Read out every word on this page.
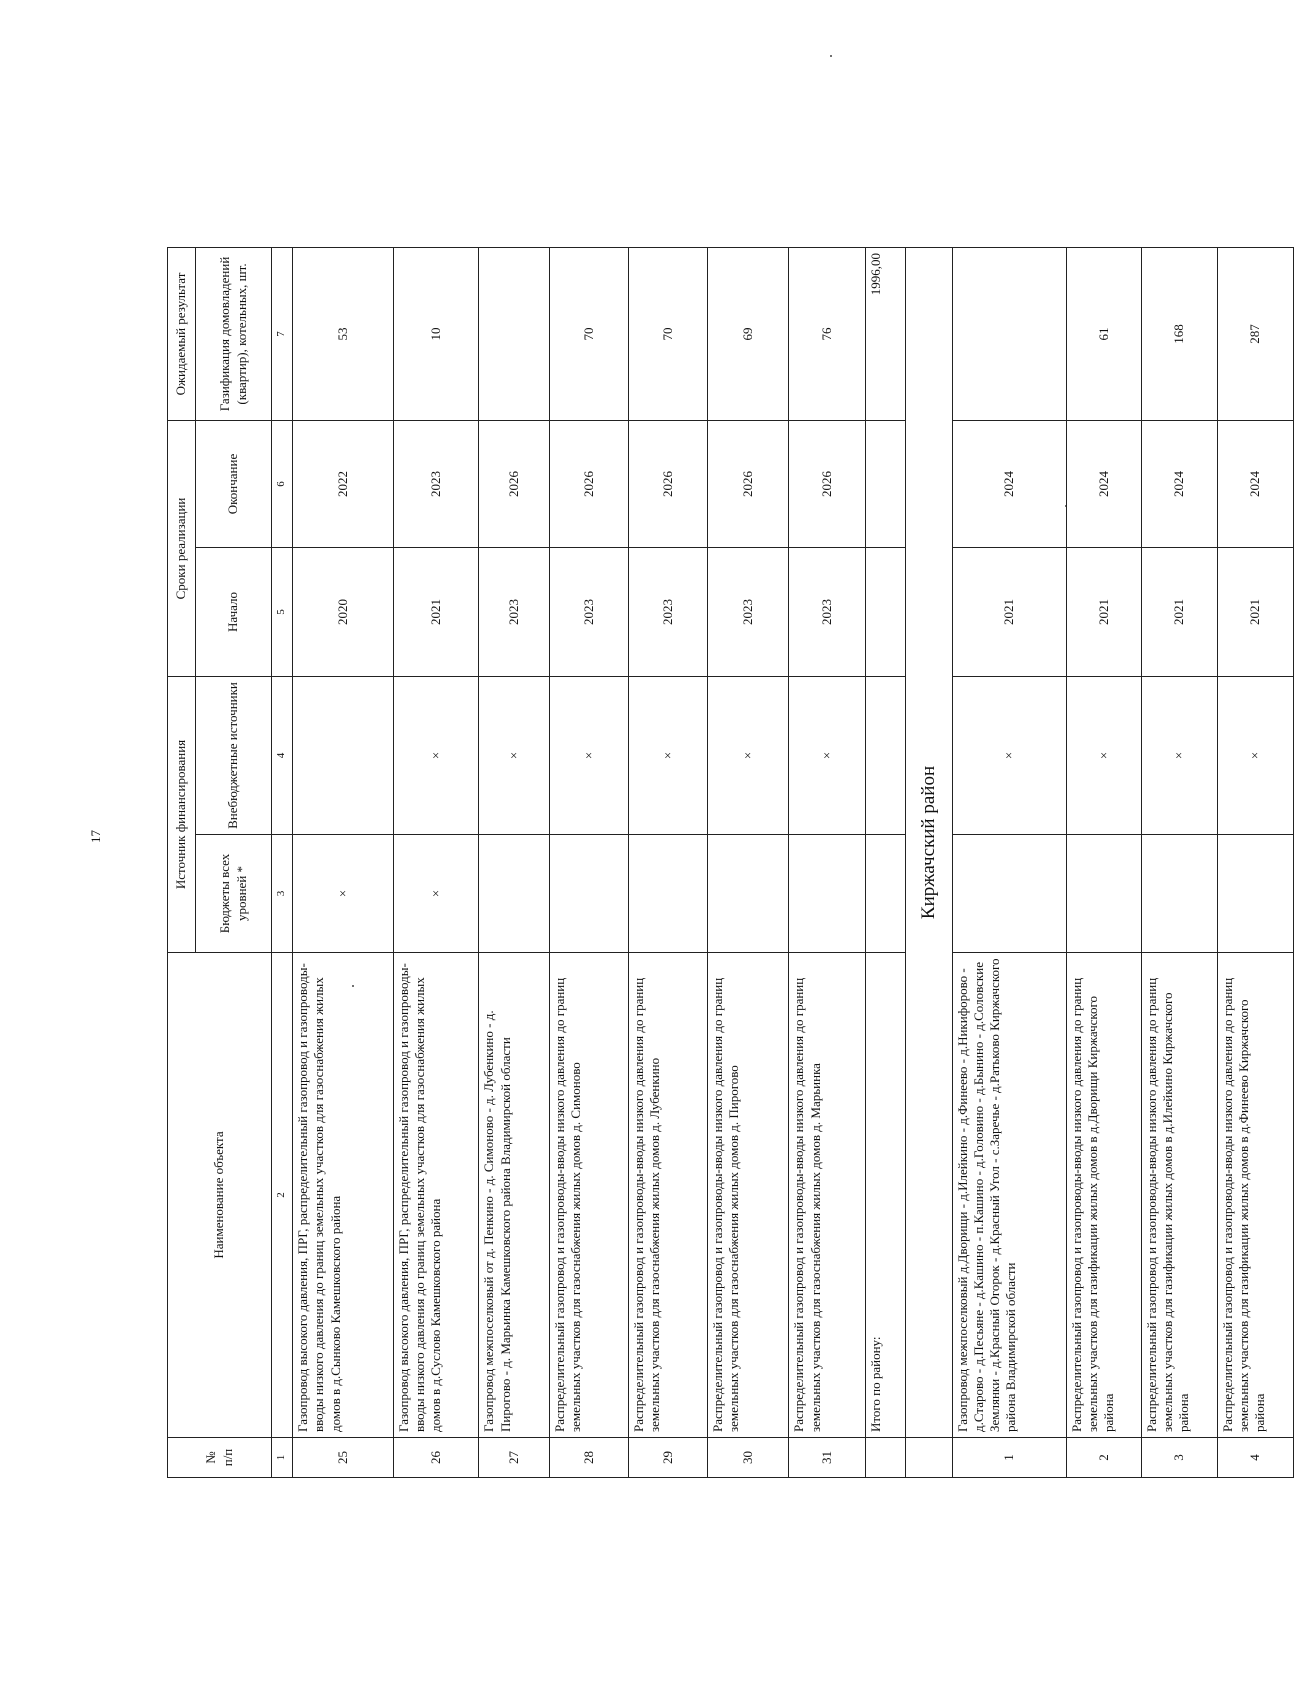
17
№
п/п	Наименование объекта	Источник финансирования		Сроки реализации		Ожидаемый результат
		Бюджеты всех уровней *	Внебюджетные источники	Начало	Окончание	Газификация домовладений (квартир), котельных, шт.
1	2	3	4	5	6	7
25	Газопровод высокого давления, ПРГ, распределительный газопровод и газопроводы-вводы низкого давления до границ земельных участков для газоснабжения жилых домов в д.Сынково Камешковского района	×		2020	2022	53
26	Газопровод высокого давления, ПРГ, распределительный газопровод и газопроводы-вводы низкого давления до границ земельных участков для газоснабжения жилых домов в д.Суслово Камешковского района	×	×	2021	2023	10
27	Газопровод межпоселковый от д. Пенкино - д. Симоново - д. Лубенкино - д. Пирогово - д. Марьинка Камешковского района Владимирской области		×	2023	2026	
28	Распределительный газопровод и газопроводы-вводы низкого давления до границ земельных участков для газоснабжения жилых домов д. Симоново		×	2023	2026	70
29	Распределительный газопровод и газопроводы-вводы низкого давления до границ земельных участков для газоснабжения жилых домов д. Лубенкино		×	2023	2026	70
30	Распределительный газопровод и газопроводы-вводы низкого давления до границ земельных участков для газоснабжения жилых домов д. Пирогово		×	2023	2026	69
31	Распределительный газопровод и газопроводы-вводы низкого давления до границ земельных участков для газоснабжения жилых домов д. Марьинка		×	2023	2026	76
	Итого по району:					1996,00
	Киржачский район					
1	Газопровод межпоселковый д.Дворищи - д.Илейкино - д.Финеево - д.Никифорово - д.Старово - д.Песьяне - д.Кашино - п.Кашино - д.Головино - д.Бынино - д.Соловские Землянки - д.Красный Огорок - д.Красный Угол - с.Заречье - д.Ратьково Киржачского района Владимирской области		×	2021	2024	
2	Распределительный газопровод и газопроводы-вводы низкого давления до границ земельных участков для газификации жилых домов в д.Дворищи Киржачского района		×	2021	2024	61
3	Распределительный газопровод и газопроводы-вводы низкого давления до границ земельных участков для газификации жилых домов в д.Илейкино Киржачского района		×	2021	2024	168
4	Распределительный газопровод и газопроводы-вводы низкого давления до границ земельных участков для газификации жилых домов в д.Финеево Киржачского района		×	2021	2024	287
